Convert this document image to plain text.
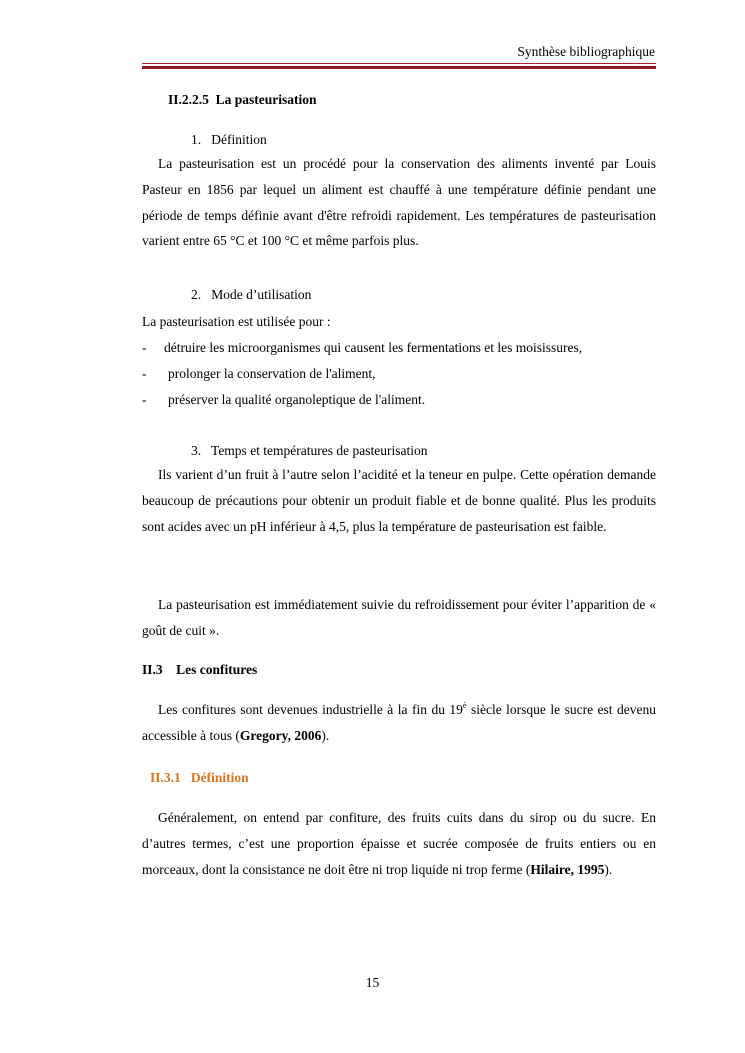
Synthèse bibliographique
II.2.2.5 La pasteurisation
1. Définition
La pasteurisation est un procédé pour la conservation des aliments inventé par Louis Pasteur en 1856 par lequel un aliment est chauffé à une température définie pendant une période de temps définie avant d'être refroidi rapidement. Les températures de pasteurisation varient entre 65 °C et 100 °C et même parfois plus.
2. Mode d’utilisation
La pasteurisation est utilisée pour :
- détruire les microorganismes qui causent les fermentations et les moisissures,
- prolonger la conservation de l'aliment,
- préserver la qualité organoleptique de l'aliment.
3. Temps et températures de pasteurisation
Ils varient d’un fruit à l’autre selon l’acidité et la teneur en pulpe. Cette opération demande beaucoup de précautions pour obtenir un produit fiable et de bonne qualité. Plus les produits sont acides avec un pH inférieur à 4,5, plus la température de pasteurisation est faible.
La pasteurisation est immédiatement suivie du refroidissement pour éviter l’apparition de « goût de cuit ».
II.3 Les confitures
Les confitures sont devenues industrielle à la fin du $19^è$ siècle lorsque le sucre est devenu accessible à tous (Gregory, 2006).
II.3.1 Définition
Généralement, on entend par confiture, des fruits cuits dans du sirop ou du sucre. En d’autres termes, c’est une proportion épaisse et sucrée composée de fruits entiers ou en morceaux, dont la consistance ne doit être ni trop liquide ni trop ferme (Hilaire, 1995).
15
